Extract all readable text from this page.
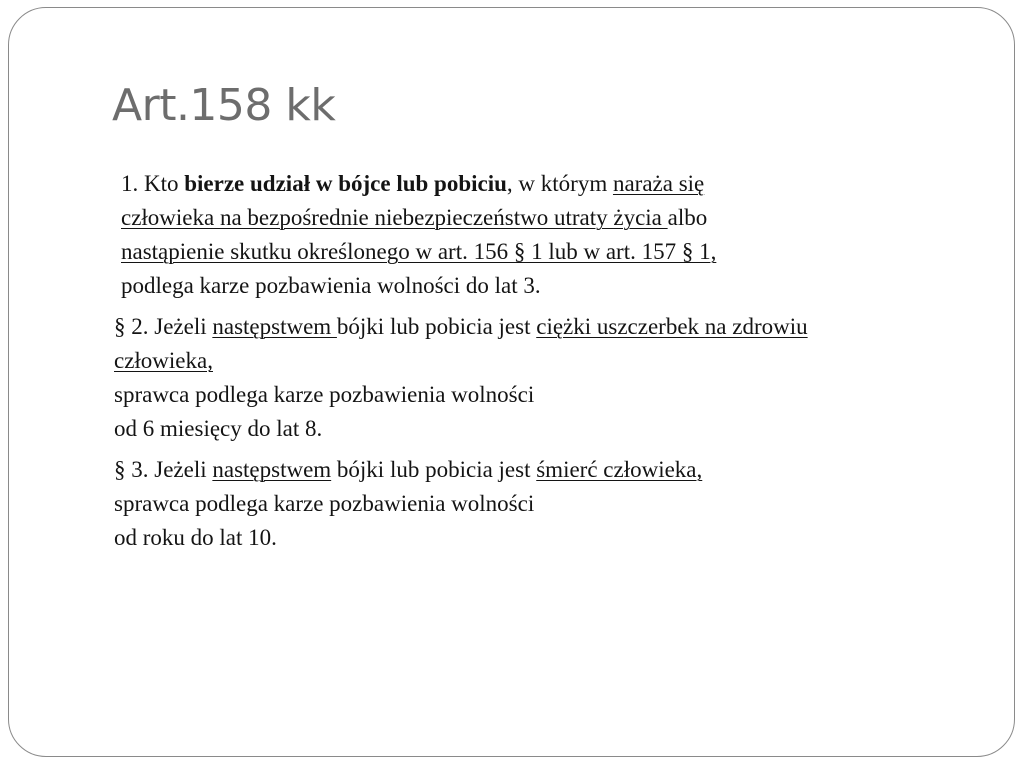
Art.158 kk

1. Kto bierze udział w bójce lub pobiciu, w którym naraża się
człowieka na bezpośrednie niebezpieczeństwo utraty życia albo
nastąpienie skutku określonego w art. 156 § 1 lub w art. 157 § 1,
podlega karze pozbawienia wolności do lat 3.

§ 2. Jeżeli następstwem bójki lub pobicia jest ciężki uszczerbek na zdrowiu
człowieka,
sprawca podlega karze pozbawienia wolności
od 6 miesięcy do lat 8.

§ 3. Jeżeli następstwem bójki lub pobicia jest śmierć człowieka,
sprawca podlega karze pozbawienia wolności
od roku do lat 10.
